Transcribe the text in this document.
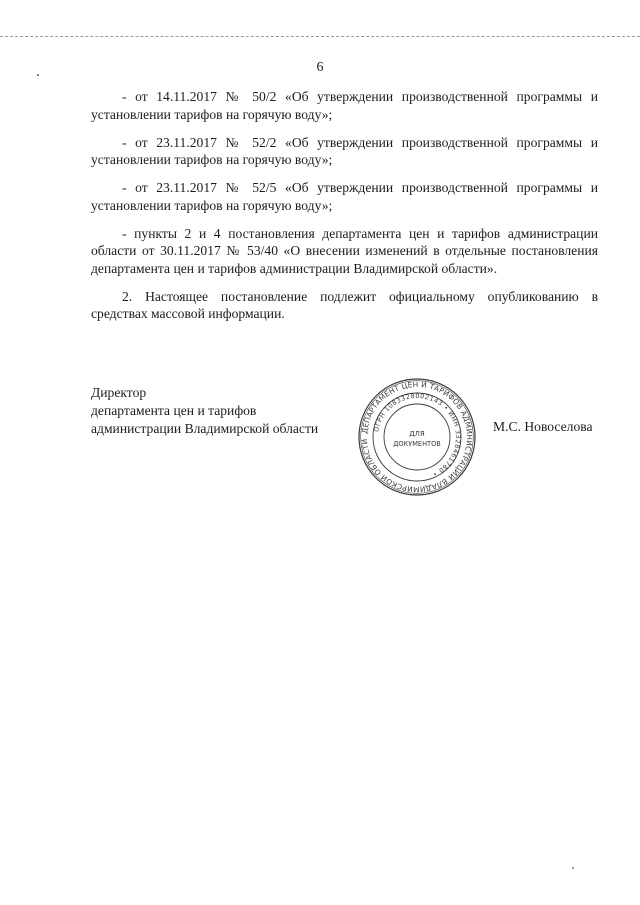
6

- от 14.11.2017 № 50/2 «Об утверждении производственной программы и установлении тарифов на горячую воду»;

- от 23.11.2017 № 52/2 «Об утверждении производственной программы и установлении тарифов на горячую воду»;

- от 23.11.2017 № 52/5 «Об утверждении производственной программы и установлении тарифов на горячую воду»;

- пункты 2 и 4 постановления департамента цен и тарифов администрации области от 30.11.2017 № 53/40 «О внесении изменений в отдельные постановления департамента цен и тарифов администрации Владимирской области».

2. Настоящее постановление подлежит официальному опубликованию в средствах массовой информации.

Директор
департамента цен и тарифов
администрации Владимирской области	ДЕПАРТАМЕНТ ЦЕН И ТАРИФОВ АДМИНИСТРАЦИИ ВЛАДИМИРСКОЙ ОБЛАСТИ
ОГРН 1083328002143 • ИНН 3328461780 •
ДЛЯ
ДОКУМЕНТОВ
М.С. Новоселова
